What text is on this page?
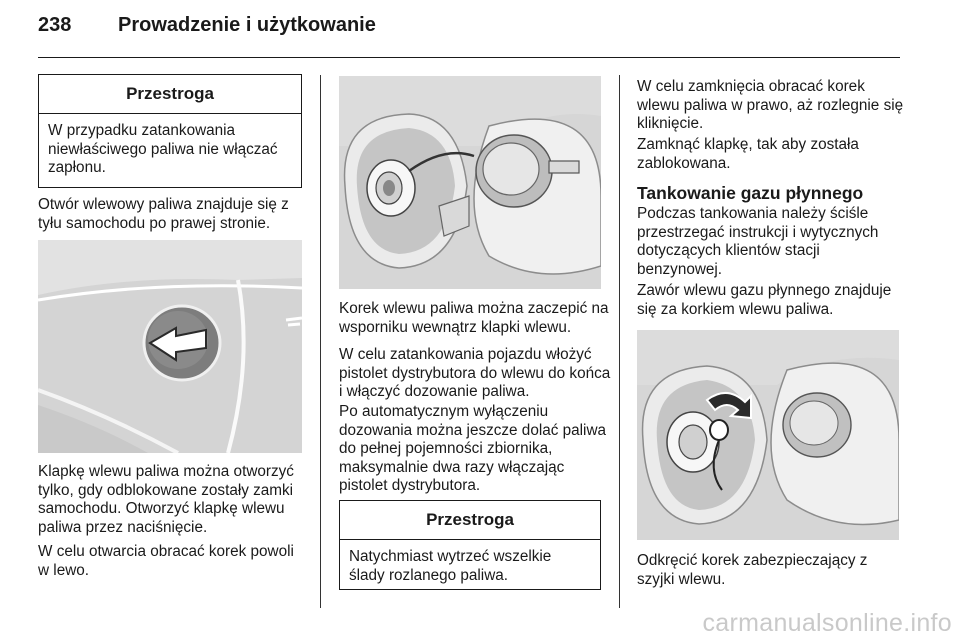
238 Prowadzenie i użytkowanie
Przestroga
W przypadku zatankowania niewłaściwego paliwa nie włączać zapłonu.

Otwór wlewowy paliwa znajduje się z tyłu samochodu po prawej stronie.

Klapkę wlewu paliwa można otworzyć tylko, gdy odblokowane zostały zamki samochodu. Otworzyć klapkę wlewu paliwa przez naciśnięcie.

W celu otwarcia obracać korek powoli w lewo.

Korek wlewu paliwa można zaczepić na wsporniku wewnątrz klapki wlewu.

W celu zatankowania pojazdu włożyć pistolet dystrybutora do wlewu do końca i włączyć dozowanie paliwa.

Po automatycznym wyłączeniu dozowania można jeszcze dolać paliwa do pełnej pojemności zbiornika, maksymalnie dwa razy włączając pistolet dystrybutora.

Przestroga
Natychmiast wytrzeć wszelkie ślady rozlanego paliwa.

W celu zamknięcia obracać korek wlewu paliwa w prawo, aż rozlegnie się kliknięcie.

Zamknąć klapkę, tak aby została zablokowana.

Tankowanie gazu płynnego

Podczas tankowania należy ściśle przestrzegać instrukcji i wytycznych dotyczących klientów stacji benzynowej.

Zawór wlewu gazu płynnego znajduje się za korkiem wlewu paliwa.

Odkręcić korek zabezpieczający z szyjki wlewu.

carmanualsonline.info
